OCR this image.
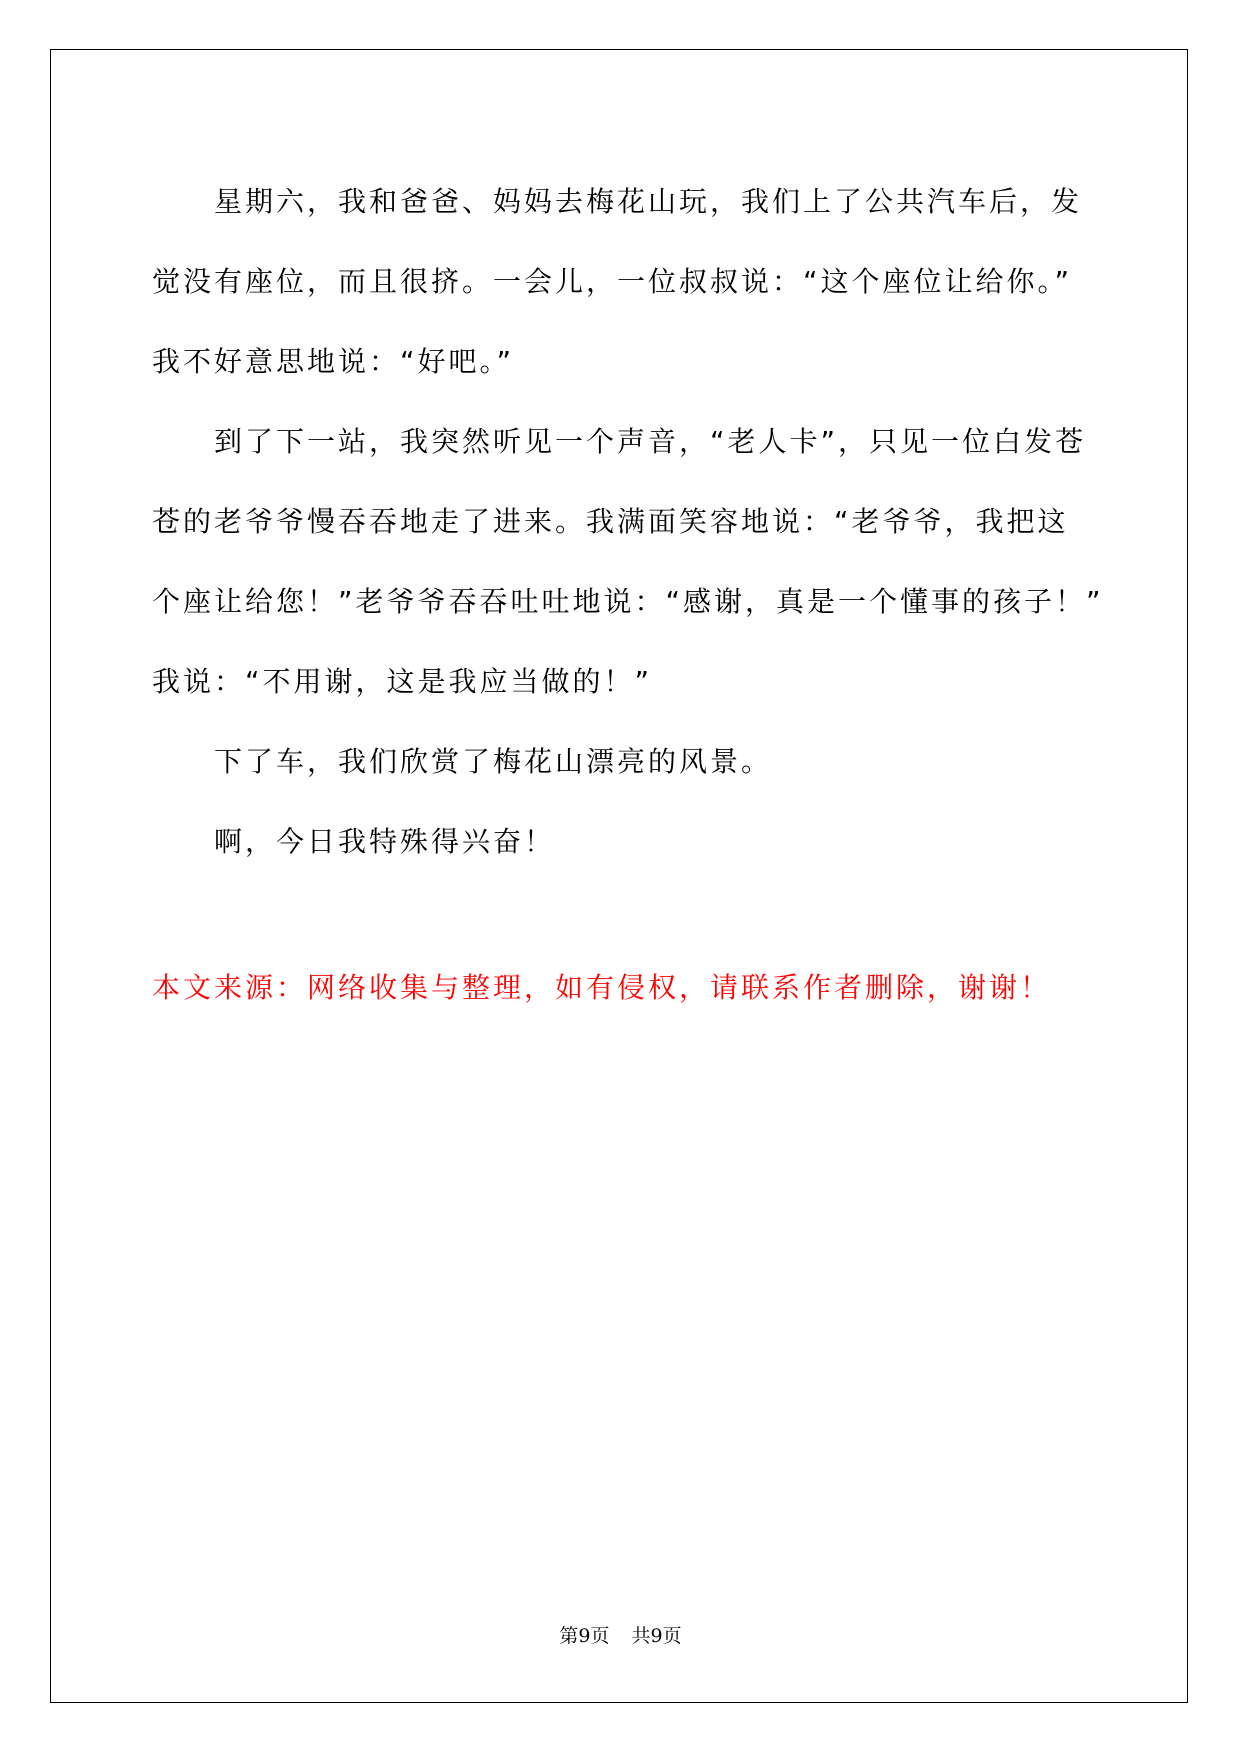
星期六，我和爸爸、妈妈去梅花山玩，我们上了公共汽车后，发
觉没有座位，而且很挤。一会儿，一位叔叔说：“这个座位让给你。”
我不好意思地说：“好吧。”
到了下一站，我突然听见一个声音，“老人卡”，只见一位白发苍
苍的老爷爷慢吞吞地走了进来。我满面笑容地说：“老爷爷，我把这
个座让给您！”老爷爷吞吞吐吐地说：“感谢，真是一个懂事的孩子！”
我说：“不用谢，这是我应当做的！”
下了车，我们欣赏了梅花山漂亮的风景。
啊，今日我特殊得兴奋！
本文来源：网络收集与整理，如有侵权，请联系作者删除，谢谢！
第9页 共9页
